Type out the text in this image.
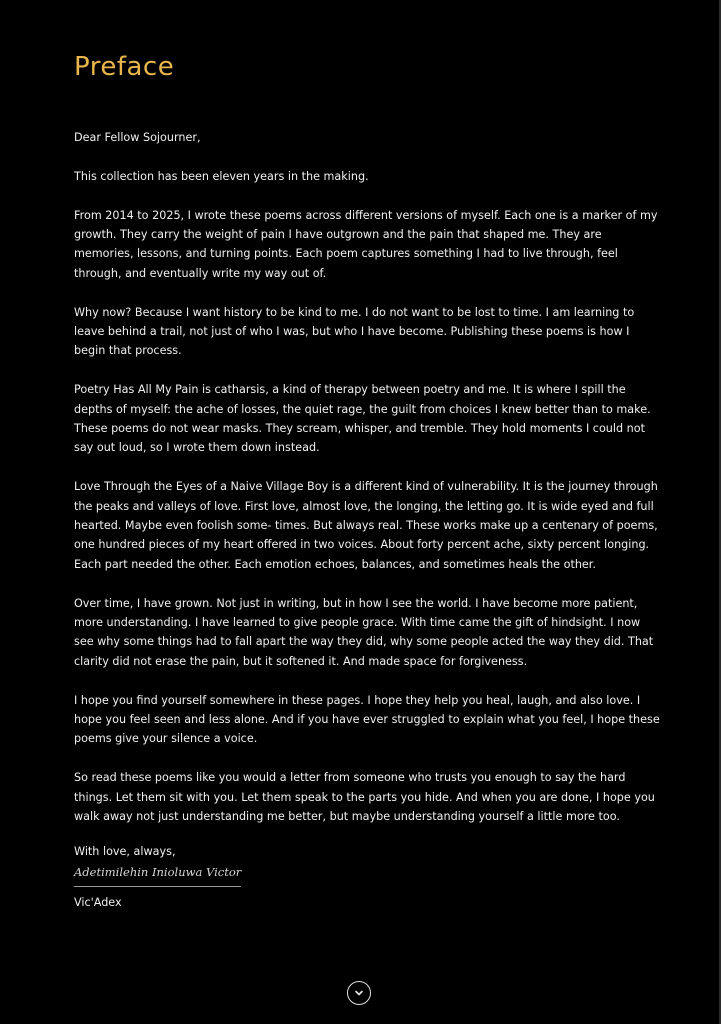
Preface

Dear Fellow Sojourner,

This collection has been eleven years in the making.

From 2014 to 2025, I wrote these poems across different versions of myself. Each one is a marker of my growth. They carry the weight of pain I have outgrown and the pain that shaped me. They are memories, lessons, and turning points. Each poem captures something I had to live through, feel through, and eventually write my way out of.

Why now? Because I want history to be kind to me. I do not want to be lost to time. I am learning to leave behind a trail, not just of who I was, but who I have become. Publishing these poems is how I begin that process.

Poetry Has All My Pain is catharsis, a kind of therapy between poetry and me. It is where I spill the depths of myself: the ache of losses, the quiet rage, the guilt from choices I knew better than to make. These poems do not wear masks. They scream, whisper, and tremble. They hold moments I could not say out loud, so I wrote them down instead.

Love Through the Eyes of a Naive Village Boy is a different kind of vulnerability. It is the journey through the peaks and valleys of love. First love, almost love, the longing, the letting go. It is wide eyed and full hearted. Maybe even foolish some- times. But always real. These works make up a centenary of poems, one hundred pieces of my heart offered in two voices. About forty percent ache, sixty percent longing. Each part needed the other. Each emotion echoes, balances, and sometimes heals the other.

Over time, I have grown. Not just in writing, but in how I see the world. I have become more patient, more understanding. I have learned to give people grace. With time came the gift of hindsight. I now see why some things had to fall apart the way they did, why some people acted the way they did. That clarity did not erase the pain, but it softened it. And made space for forgiveness.

I hope you find yourself somewhere in these pages. I hope they help you heal, laugh, and also love. I hope you feel seen and less alone. And if you have ever struggled to explain what you feel, I hope these poems give your silence a voice.

So read these poems like you would a letter from someone who trusts you enough to say the hard things. Let them sit with you. Let them speak to the parts you hide. And when you are done, I hope you walk away not just understanding me better, but maybe understanding yourself a little more too.

With love, always,
Adetimilehin Inioluwa Victor
Vic'Adex
